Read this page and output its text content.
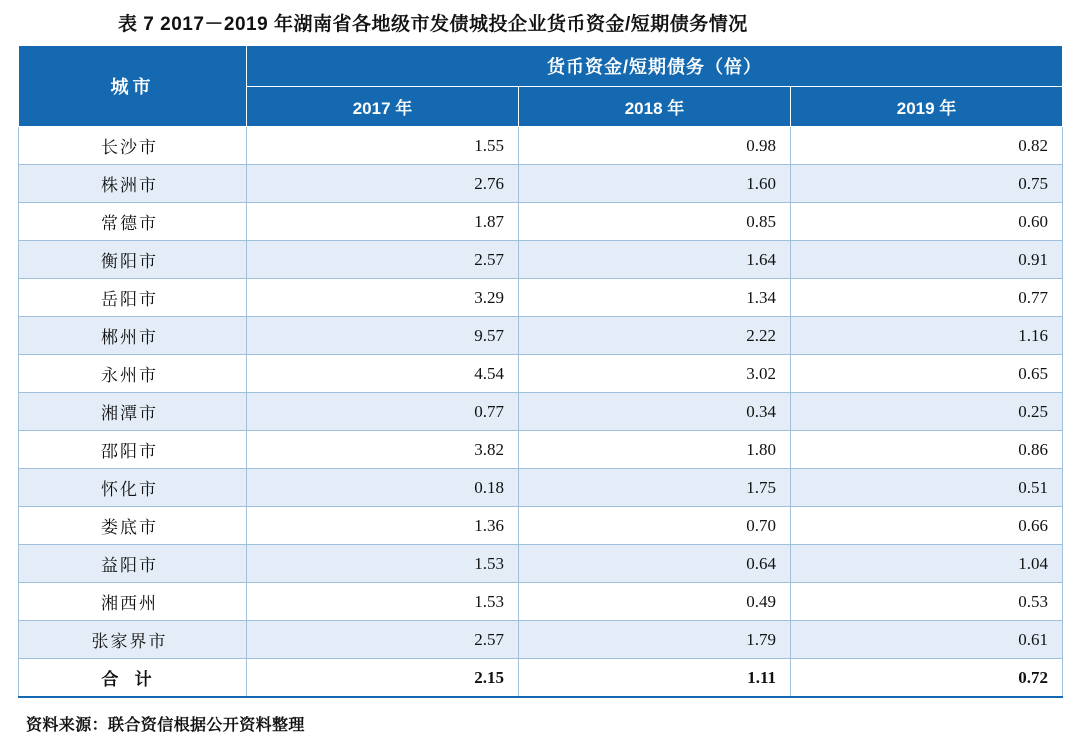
表 7 2017－2019 年湖南省各地级市发债城投企业货币资金/短期债务情况
城市	货币资金/短期债务（倍）		
	2017 年	2018 年	2019 年
长沙市	1.55	0.98	0.82
株洲市	2.76	1.60	0.75
常德市	1.87	0.85	0.60
衡阳市	2.57	1.64	0.91
岳阳市	3.29	1.34	0.77
郴州市	9.57	2.22	1.16
永州市	4.54	3.02	0.65
湘潭市	0.77	0.34	0.25
邵阳市	3.82	1.80	0.86
怀化市	0.18	1.75	0.51
娄底市	1.36	0.70	0.66
益阳市	1.53	0.64	1.04
湘西州	1.53	0.49	0.53
张家界市	2.57	1.79	0.61
合 计	2.15	1.11	0.72
资料来源：联合资信根据公开资料整理
